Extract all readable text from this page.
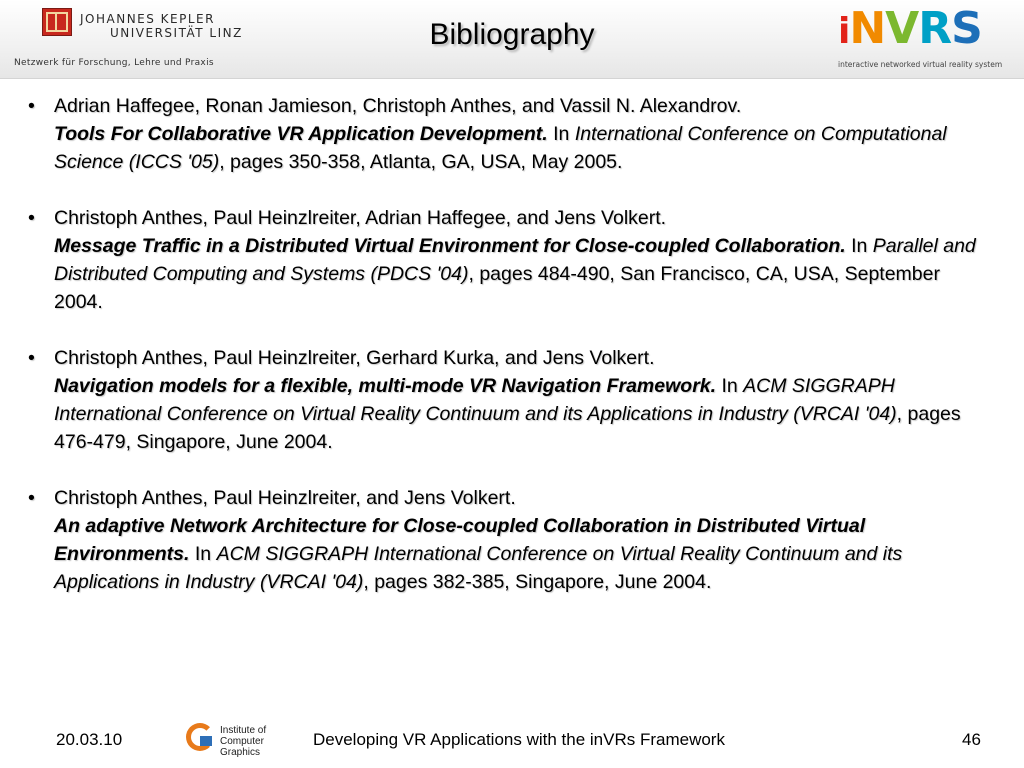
JOHANNES KEPLER
UNIVERSITÄT LINZ
Netzwerk für Forschung, Lehre und Praxis
Bibliography	iNVRS
interactive networked virtual reality system
• Adrian Haffegee, Ronan Jamieson, Christoph Anthes, and Vassil N. Alexandrov.
Tools For Collaborative VR Application Development. In International Conference on Computational Science (ICCS '05), pages 350-358, Atlanta, GA, USA, May 2005.
• Christoph Anthes, Paul Heinzlreiter, Adrian Haffegee, and Jens Volkert.
Message Traffic in a Distributed Virtual Environment for Close-coupled Collaboration. In Parallel and Distributed Computing and Systems (PDCS '04), pages 484-490, San Francisco, CA, USA, September 2004.
• Christoph Anthes, Paul Heinzlreiter, Gerhard Kurka, and Jens Volkert.
Navigation models for a flexible, multi-mode VR Navigation Framework. In ACM SIGGRAPH International Conference on Virtual Reality Continuum and its Applications in Industry (VRCAI '04), pages 476-479, Singapore, June 2004.
• Christoph Anthes, Paul Heinzlreiter, and Jens Volkert.
An adaptive Network Architecture for Close-coupled Collaboration in Distributed Virtual Environments. In ACM SIGGRAPH International Conference on Virtual Reality Continuum and its Applications in Industry (VRCAI '04), pages 382-385, Singapore, June 2004.
20.03.10	Institute of
Computer Graphics
Developing VR Applications with the inVRs Framework	46
